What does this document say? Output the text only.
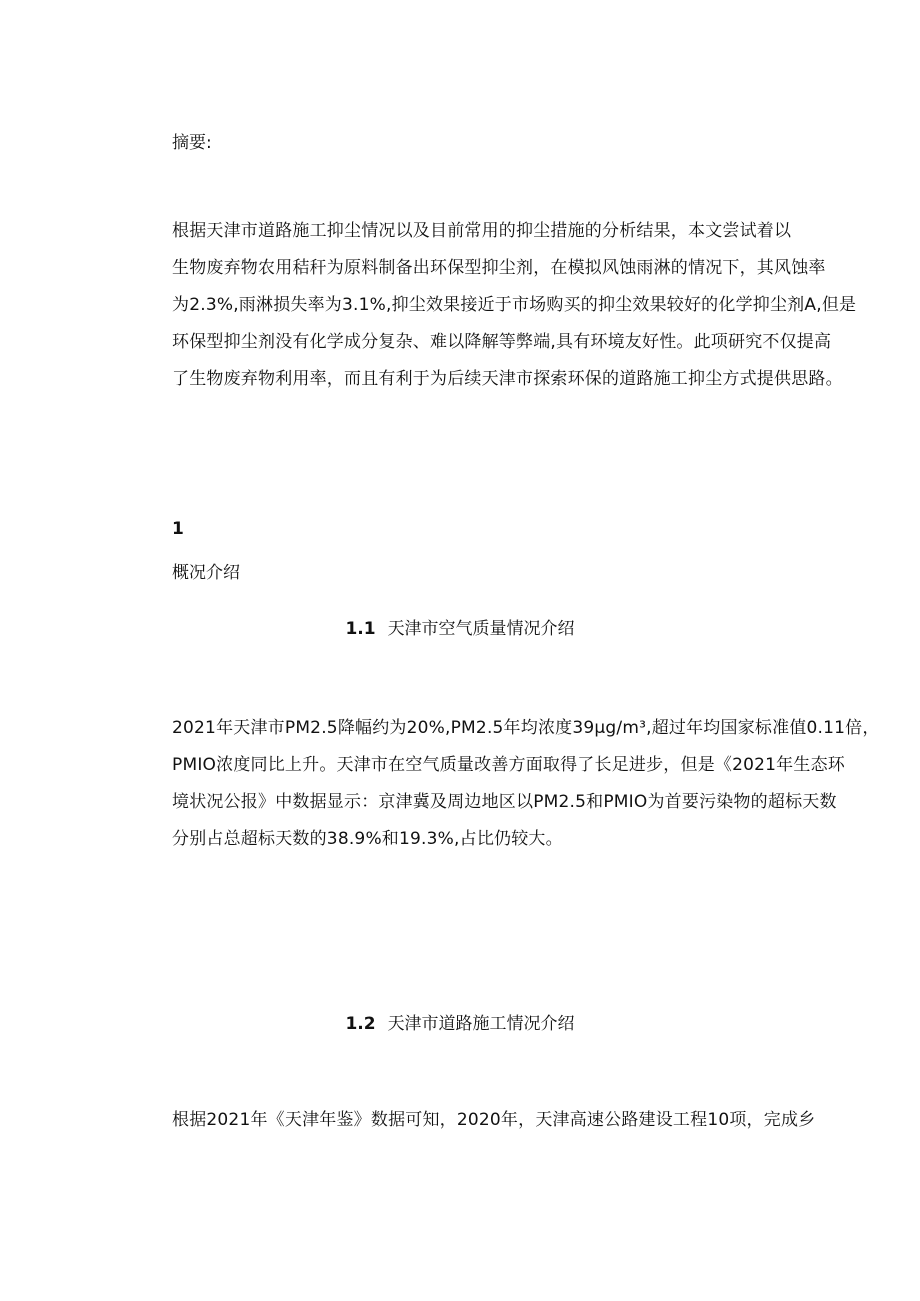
摘要:
根据天津市道路施工抑尘情况以及目前常用的抑尘措施的分析结果，本文尝试着以
生物废弃物农用秸秆为原料制备出环保型抑尘剂，在模拟风蚀雨淋的情况下，其风蚀率
为2.3%,雨淋损失率为3.1%,抑尘效果接近于市场购买的抑尘效果较好的化学抑尘剂A,但是
环保型抑尘剂没有化学成分复杂、难以降解等弊端,具有环境友好性。此项研究不仅提高
了生物废弃物利用率，而且有利于为后续天津市探索环保的道路施工抑尘方式提供思路。
1
概况介绍
1.1 天津市空气质量情况介绍
2021年天津市PM2.5降幅约为20%,PM2.5年均浓度39μg∕m³,超过年均国家标准值0.11倍，
PMIO浓度同比上升。天津市在空气质量改善方面取得了长足进步，但是《2021年生态环
境状况公报》中数据显示：京津冀及周边地区以PM2.5和PMIO为首要污染物的超标天数
分别占总超标天数的38.9%和19.3%,占比仍较大。
1.2 天津市道路施工情况介绍
根据2021年《天津年鉴》数据可知，2020年，天津高速公路建设工程10项，完成乡
